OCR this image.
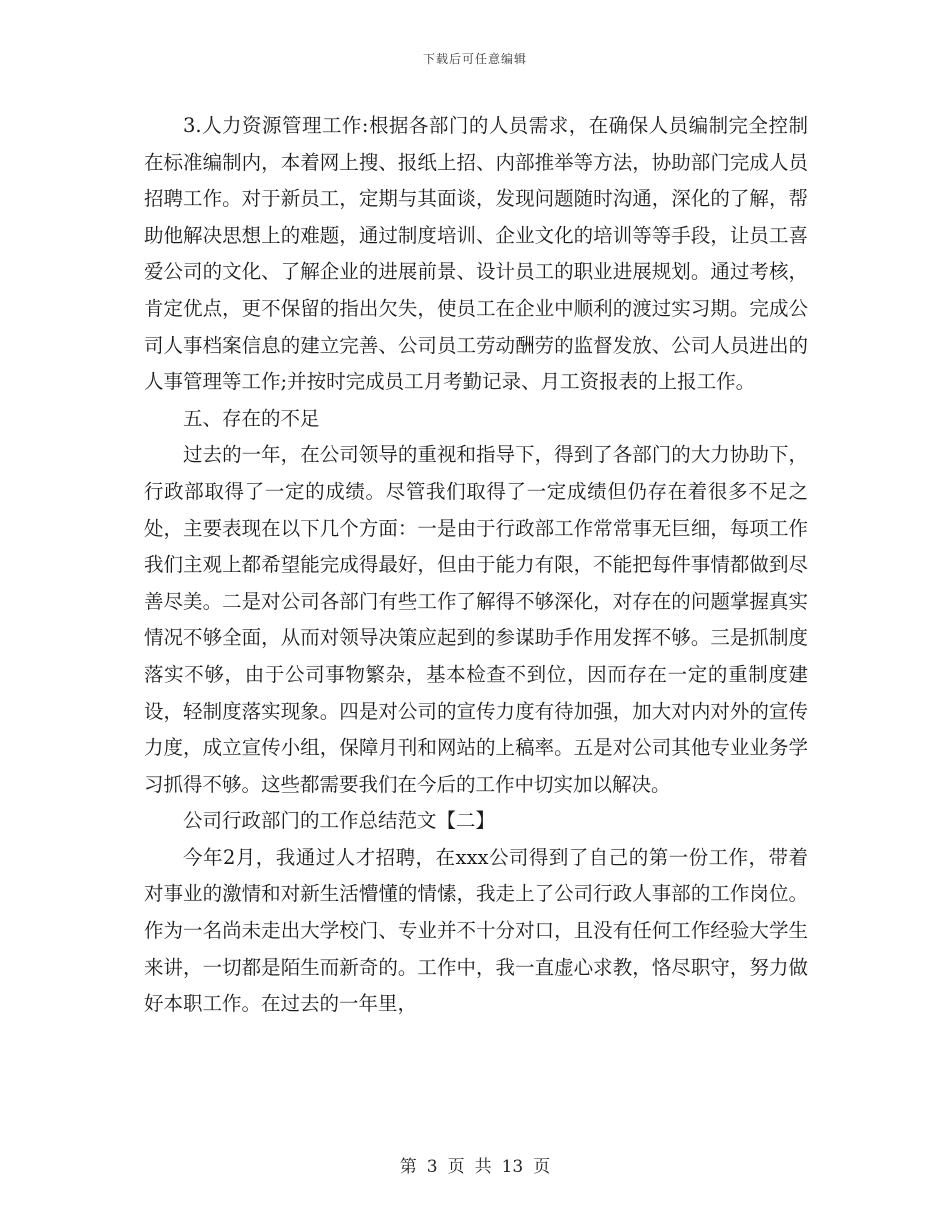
下载后可任意编辑

3.人力资源管理工作:根据各部门的人员需求，在确保人员编制完全控制在标准编制内，本着网上搜、报纸上招、内部推举等方法，协助部门完成人员招聘工作。对于新员工，定期与其面谈，发现问题随时沟通，深化的了解，帮助他解决思想上的难题，通过制度培训、企业文化的培训等等手段，让员工喜爱公司的文化、了解企业的进展前景、设计员工的职业进展规划。通过考核，肯定优点，更不保留的指出欠失，使员工在企业中顺利的渡过实习期。完成公司人事档案信息的建立完善、公司员工劳动酬劳的监督发放、公司人员进出的人事管理等工作;并按时完成员工月考勤记录、月工资报表的上报工作。

五、存在的不足

过去的一年，在公司领导的重视和指导下，得到了各部门的大力协助下，行政部取得了一定的成绩。尽管我们取得了一定成绩但仍存在着很多不足之处，主要表现在以下几个方面：一是由于行政部工作常常事无巨细，每项工作我们主观上都希望能完成得最好，但由于能力有限，不能把每件事情都做到尽善尽美。二是对公司各部门有些工作了解得不够深化，对存在的问题掌握真实情况不够全面，从而对领导决策应起到的参谋助手作用发挥不够。三是抓制度落实不够，由于公司事物繁杂，基本检查不到位，因而存在一定的重制度建设，轻制度落实现象。四是对公司的宣传力度有待加强，加大对内对外的宣传力度，成立宣传小组，保障月刊和网站的上稿率。五是对公司其他专业业务学习抓得不够。这些都需要我们在今后的工作中切实加以解决。

公司行政部门的工作总结范文【二】

今年2月，我通过人才招聘，在xxx公司得到了自己的第一份工作，带着对事业的激情和对新生活懵懂的情愫，我走上了公司行政人事部的工作岗位。作为一名尚未走出大学校门、专业并不十分对口，且没有任何工作经验大学生来讲，一切都是陌生而新奇的。工作中，我一直虚心求教，恪尽职守，努力做好本职工作。在过去的一年里，

第 3 页 共 13 页
